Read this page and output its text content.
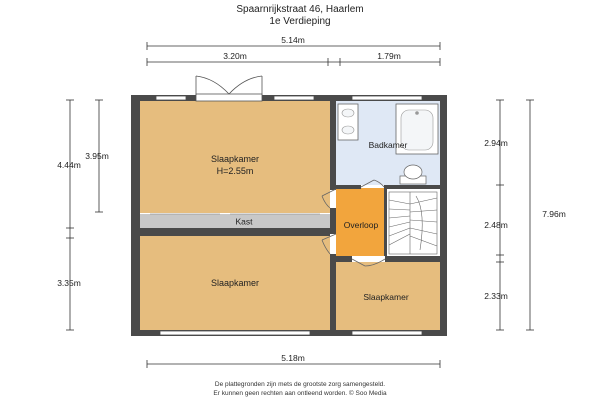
Spaarnrijkstraat 46, Haarlem
1e Verdieping
Slaapkamer
H=2.55m
Kast
Badkamer
Overloop
Slaapkamer
Slaapkamer
5.14m
3.20m	1.79m
3.95m
4.44m
3.35m
2.94m
2.48m
2.33m
7.96m
5.18m
De plattegronden zijn mets de grootste zorg samengesteld.
Er kunnen geen rechten aan ontleend worden. © Soo Media
